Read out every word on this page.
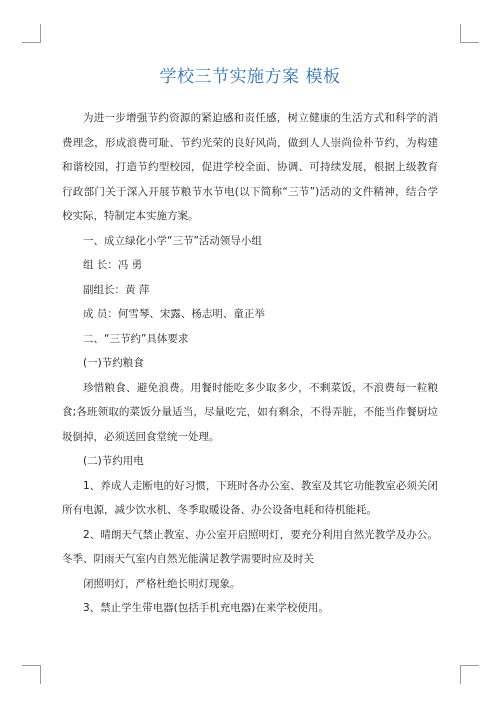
学校三节实施方案 模板

为进一步增强节约资源的紧迫感和责任感，树立健康的生活方式和科学的消费理念，形成浪费可耻、节约光荣的良好风尚，做到人人崇尚俭朴节约，为构建和谐校园，打造节约型校园，促进学校全面、协调、可持续发展，根据上级教育行政部门关于深入开展节粮节水节电(以下简称“三节”)活动的文件精神，结合学校实际，特制定本实施方案。

一、成立绿化小学“三节”活动领导小组

组 长：冯 勇

副组长：黄 萍

成 员：何雪琴、宋露、杨志明、童正举

二、“三节约”具体要求

(一)节约粮食

珍惜粮食、避免浪费。用餐时能吃多少取多少，不剩菜饭，不浪费每一粒粮食;各班领取的菜饭分量适当，尽量吃完，如有剩余，不得弄脏，不能当作餐厨垃圾倒掉，必须送回食堂统一处理。

(二)节约用电

1、养成人走断电的好习惯，下班时各办公室、教室及其它功能教室必须关闭所有电源，减少饮水机、冬季取暖设备、办公设备电耗和待机能耗。

2、晴朗天气禁止教室、办公室开启照明灯，要充分利用自然光教学及办公。冬季、阴雨天气室内自然光能满足教学需要时应及时关

闭照明灯，严格杜绝长明灯现象。

3、禁止学生带电器(包括手机充电器)在来学校使用。
